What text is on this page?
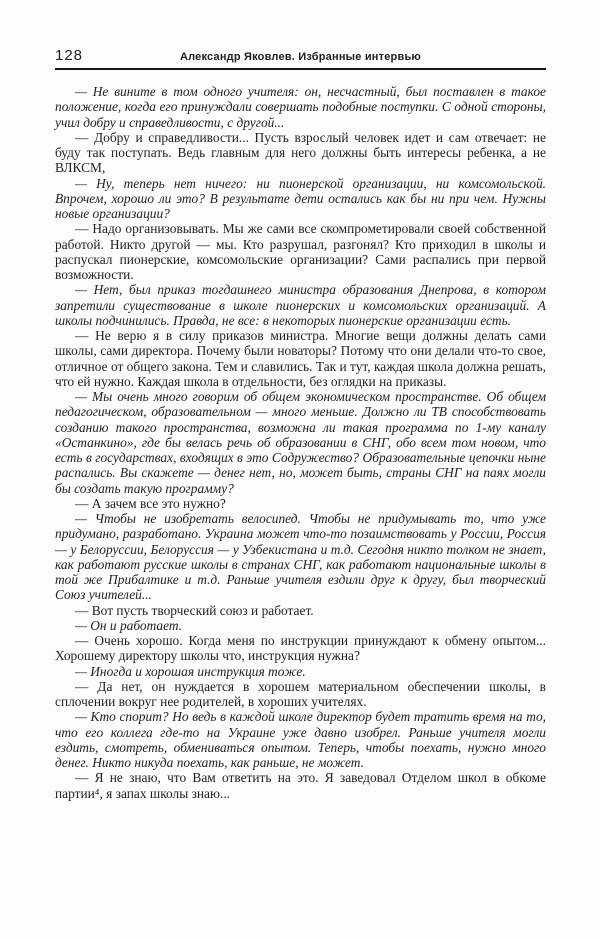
128	Александр Яковлев. Избранные интервью

— Не вините в том одного учителя: он, несчастный, был поставлен в такое положение, когда его принуждали совершать подобные поступки. С одной стороны, учил добру и справедливости, с другой...

— Добру и справедливости... Пусть взрослый человек идет и сам отвечает: не буду так поступать. Ведь главным для него должны быть интересы ребенка, а не ВЛКСМ,

— Ну, теперь нет ничего: ни пионерской организации, ни комсомольской. Впрочем, хорошо ли это? В результате дети остались как бы ни при чем. Нужны новые организации?

— Надо организовывать. Мы же сами все скомпрометировали своей собственной работой. Никто другой — мы. Кто разрушал, разгонял? Кто приходил в школы и распускал пионерские, комсомольские организации? Сами распались при первой возможности.

— Нет, был приказ тогдашнего министра образования Днепрова, в котором запретили существование в школе пионерских и комсомольских организаций. А школы подчинились. Правда, не все: в некоторых пионерские организации есть.

— Не верю я в силу приказов министра. Многие вещи должны делать сами школы, сами директора. Почему были новаторы? Потому что они делали что-то свое, отличное от общего закона. Тем и славились. Так и тут, каждая школа должна решать, что ей нужно. Каждая школа в отдельности, без оглядки на приказы.

— Мы очень много говорим об общем экономическом пространстве. Об общем педагогическом, образовательном — много меньше. Должно ли ТВ способствовать созданию такого пространства, возможна ли такая программа по 1-му каналу «Останкино», где бы велась речь об образовании в СНГ, обо всем том новом, что есть в государствах, входящих в это Содружество? Образовательные цепочки ныне распались. Вы скажете — денег нет, но, может быть, страны СНГ на паях могли бы создать такую программу?

— А зачем все это нужно?

— Чтобы не изобретать велосипед. Чтобы не придумывать то, что уже придумано, разработано. Украина может что-то позаимствовать у России, Россия — у Белоруссии, Белоруссия — у Узбекистана и т.д. Сегодня никто толком не знает, как работают русские школы в странах СНГ, как работают национальные школы в той же Прибалтике и т.д. Раньше учителя ездили друг к другу, был творческий Союз учителей...

— Вот пусть творческий союз и работает.

— Он и работает.

— Очень хорошо. Когда меня по инструкции принуждают к обмену опытом... Хорошему директору школы что, инструкция нужна?

— Иногда и хорошая инструкция тоже.

— Да нет, он нуждается в хорошем материальном обеспечении школы, в сплочении вокруг нее родителей, в хороших учителях.

— Кто спорит? Но ведь в каждой школе директор будет тратить время на то, что его коллега где-то на Украине уже давно изобрел. Раньше учителя могли ездить, смотреть, обмениваться опытом. Теперь, чтобы поехать, нужно много денег. Никто никуда поехать, как раньше, не может.

— Я не знаю, что Вам ответить на это. Я заведовал Отделом школ в обкоме партии⁴, я запах школы знаю...
